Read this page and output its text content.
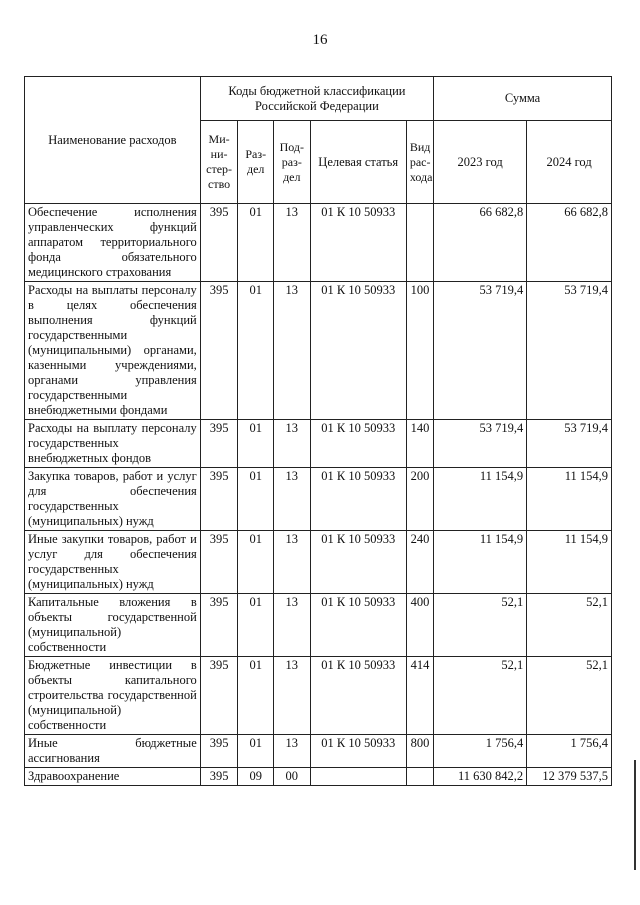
16
Наименование расходов	Коды бюджетной классификации Российской Федерации					Сумма	
	Ми-ни-стер-ство	Раз-дел	Под-раз-дел	Целевая статья	Вид рас-хода	2023 год	2024 год
Обеспечение исполнения управленческих функций аппаратом территориального фонда обязательного медицинского страхования	395	01	13	01 К 10 50933		66 682,8	66 682,8
Расходы на выплаты персоналу в целях обеспечения выполнения функций государственными (муниципальными) органами, казенными учреждениями, органами управления государственными внебюджетными фондами	395	01	13	01 К 10 50933	100	53 719,4	53 719,4
Расходы на выплату персоналу государственных внебюджетных фондов	395	01	13	01 К 10 50933	140	53 719,4	53 719,4
Закупка товаров, работ и услуг для обеспечения государственных (муниципальных) нужд	395	01	13	01 К 10 50933	200	11 154,9	11 154,9
Иные закупки товаров, работ и услуг для обеспечения государственных (муниципальных) нужд	395	01	13	01 К 10 50933	240	11 154,9	11 154,9
Капитальные вложения в объекты государственной (муниципальной) собственности	395	01	13	01 К 10 50933	400	52,1	52,1
Бюджетные инвестиции в объекты капитального строительства государственной (муниципальной) собственности	395	01	13	01 К 10 50933	414	52,1	52,1
Иные бюджетные ассигнования	395	01	13	01 К 10 50933	800	1 756,4	1 756,4
Здравоохранение	395	09	00			11 630 842,2	12 379 537,5
